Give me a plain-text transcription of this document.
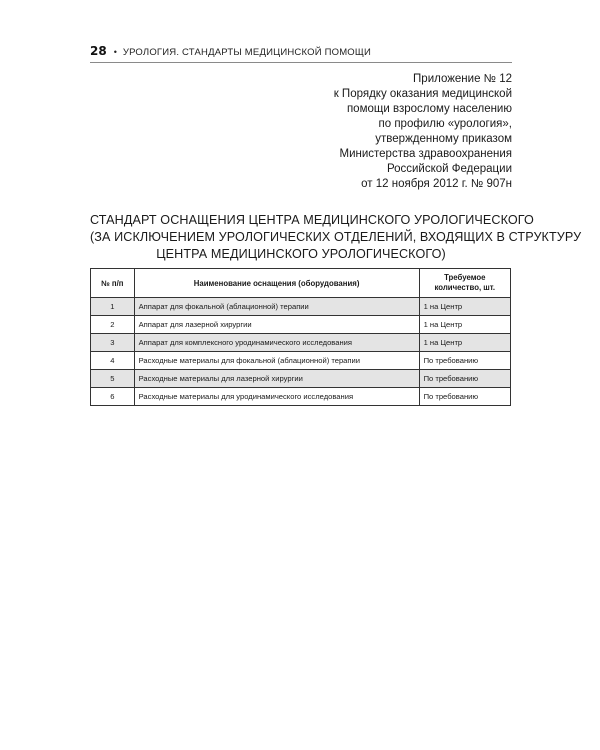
28 • УРОЛОГИЯ. СТАНДАРТЫ МЕДИЦИНСКОЙ ПОМОЩИ
Приложение № 12
к Порядку оказания медицинской
помощи взрослому населению
по профилю «урология»,
утвержденному приказом
Министерства здравоохранения
Российской Федерации
от 12 ноября 2012 г. № 907н
СТАНДАРТ ОСНАЩЕНИЯ ЦЕНТРА МЕДИЦИНСКОГО УРОЛОГИЧЕСКОГО
(ЗА ИСКЛЮЧЕНИЕМ УРОЛОГИЧЕСКИХ ОТДЕЛЕНИЙ, ВХОДЯЩИХ В СТРУКТУРУ
ЦЕНТРА МЕДИЦИНСКОГО УРОЛОГИЧЕСКОГО)
№ п/п	Наименование оснащения (оборудования)	Требуемое
количество, шт.
1	Аппарат для фокальной (аблационной) терапии	1 на Центр
2	Аппарат для лазерной хирургии	1 на Центр
3	Аппарат для комплексного уродинамического исследования	1 на Центр
4	Расходные материалы для фокальной (аблационной) терапии	По требованию
5	Расходные материалы для лазерной хирургии	По требованию
6	Расходные материалы для уродинамического исследования	По требованию
